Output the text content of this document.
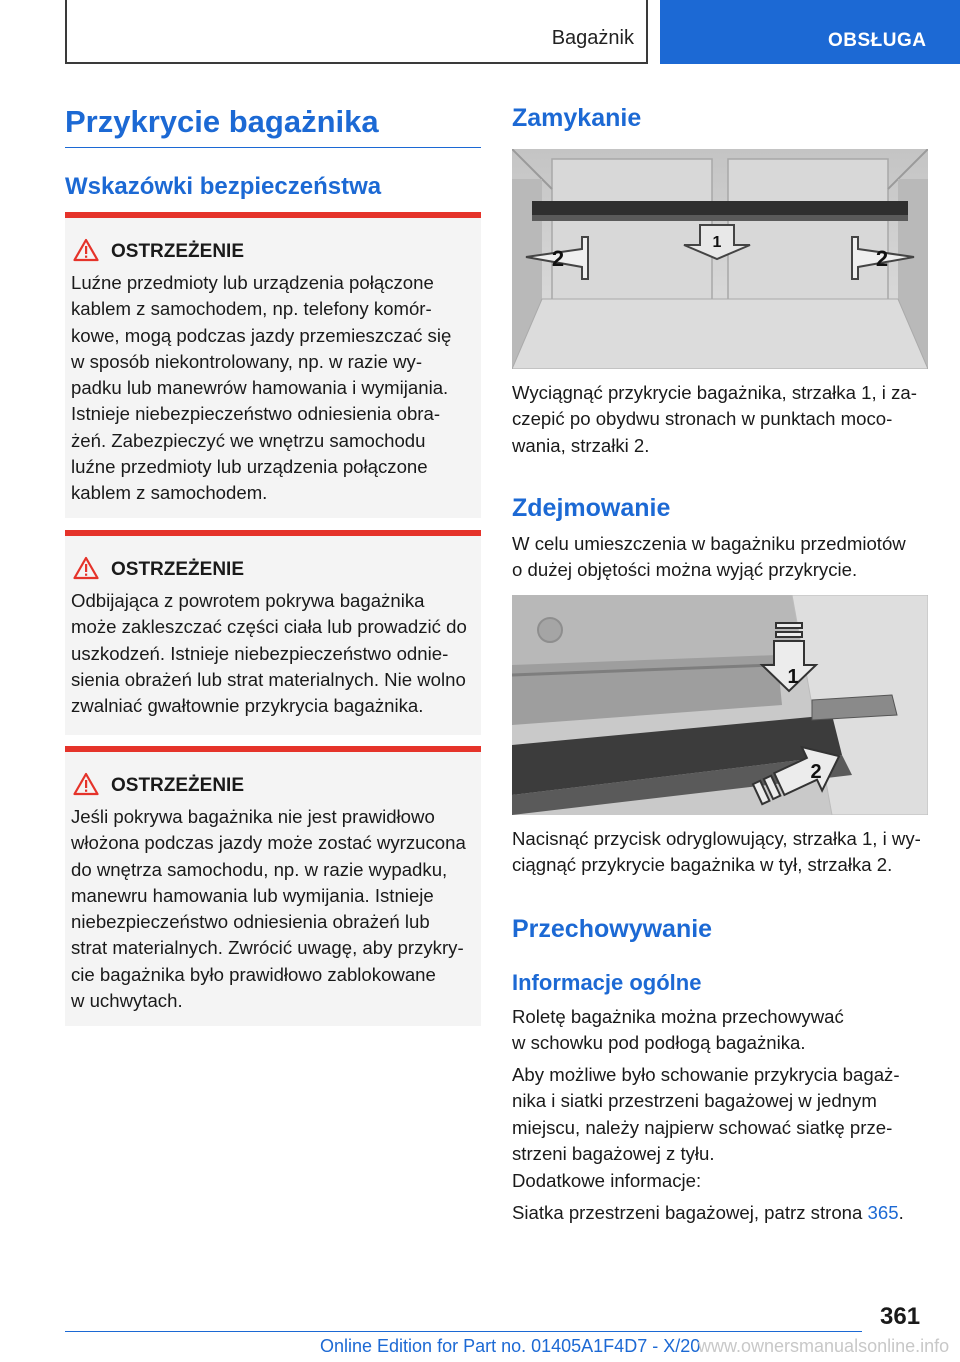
Bagażnik	OBSŁUGA
Przykrycie bagażnika
Wskazówki bezpieczeństwa
OSTRZEŻENIE
Luźne przedmioty lub urządzenia połączone
kablem z samochodem, np. telefony komór-
kowe, mogą podczas jazdy przemieszczać się
w sposób niekontrolowany, np. w razie wy-
padku lub manewrów hamowania i wymijania.
Istnieje niebezpieczeństwo odniesienia obra-
żeń. Zabezpieczyć we wnętrzu samochodu
luźne przedmioty lub urządzenia połączone
kablem z samochodem.
OSTRZEŻENIE
Odbijająca z powrotem pokrywa bagażnika
może zakleszczać części ciała lub prowadzić do
uszkodzeń. Istnieje niebezpieczeństwo odnie-
sienia obrażeń lub strat materialnych. Nie wolno
zwalniać gwałtownie przykrycia bagażnika.
OSTRZEŻENIE
Jeśli pokrywa bagażnika nie jest prawidłowo
włożona podczas jazdy może zostać wyrzucona
do wnętrza samochodu, np. w razie wypadku,
manewru hamowania lub wymijania. Istnieje
niebezpieczeństwo odniesienia obrażeń lub
strat materialnych. Zwrócić uwagę, aby przykry-
cie bagażnika było prawidłowo zablokowane
w uchwytach.
Zamykanie
1
2	2
Wyciągnąć przykrycie bagażnika, strzałka 1, i za-
czepić po obydwu stronach w punktach moco-
wania, strzałki 2.
Zdejmowanie
W celu umieszczenia w bagażniku przedmiotów
o dużej objętości można wyjąć przykrycie.
1
2
Nacisnąć przycisk odryglowujący, strzałka 1, i wy-
ciągnąć przykrycie bagażnika w tył, strzałka 2.
Przechowywanie
Informacje ogólne
Roletę bagażnika można przechowywać
w schowku pod podłogą bagażnika.
Aby możliwe było schowanie przykrycia bagaż-
nika i siatki przestrzeni bagażowej w jednym
miejscu, należy najpierw schować siatkę prze-
strzeni bagażowej z tyłu.
Dodatkowe informacje:
Siatka przestrzeni bagażowej, patrz strona 365.
361
Online Edition for Part no. 01405A1F4D7 - X/20
www.ownersmanualsonline.info
